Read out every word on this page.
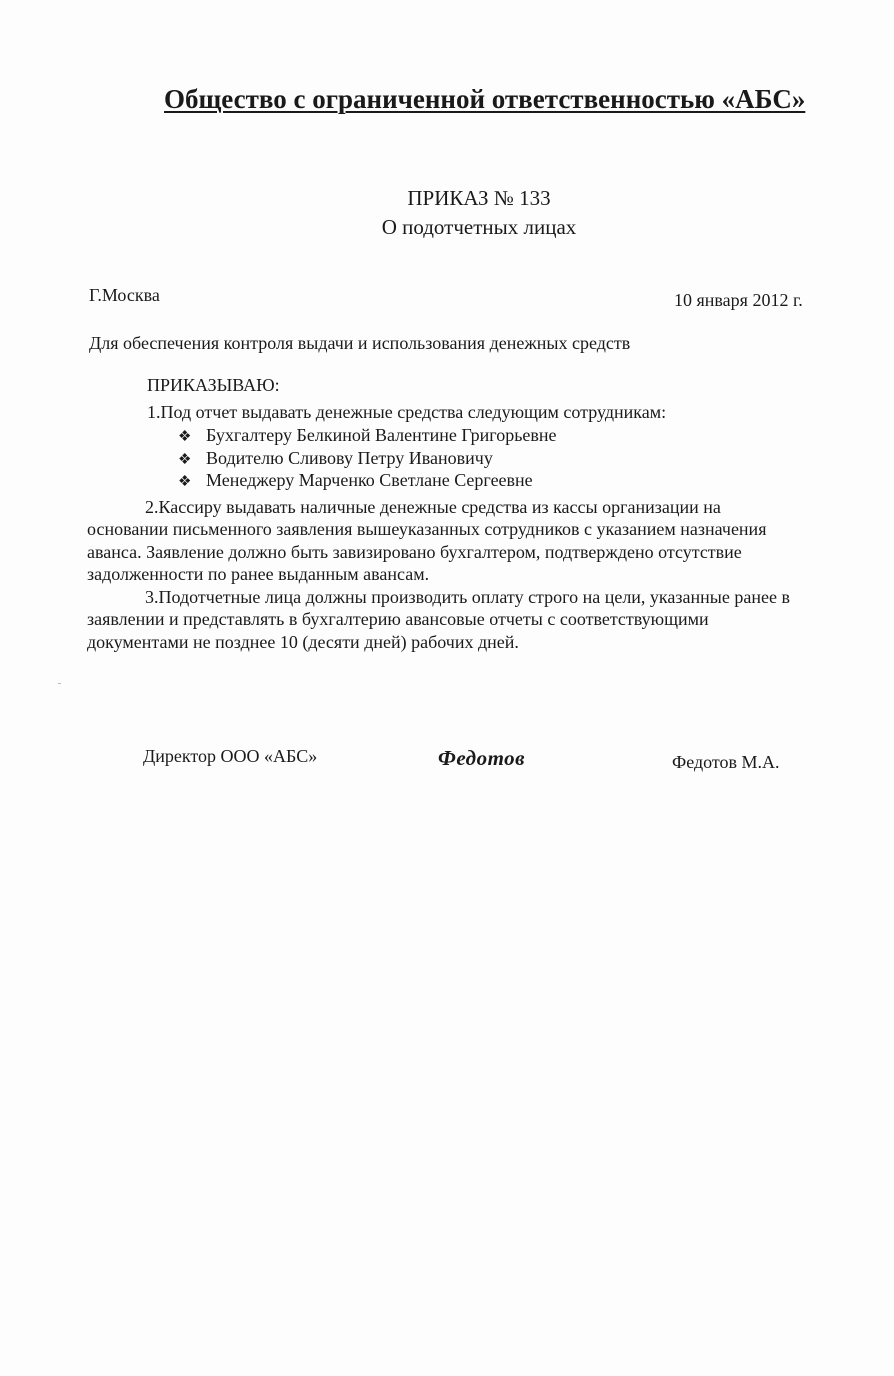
Общество с ограниченной ответственностью «АБС»
ПРИКАЗ № 133
О подотчетных лицах
Г.Москва	10 января 2012 г.
Для обеспечения контроля выдачи и использования денежных средств
ПРИКАЗЫВАЮ:
1.Под отчет выдавать денежные средства следующим сотрудникам:
❖ Бухгалтеру Белкиной Валентине Григорьевне
❖ Водителю Сливову Петру Ивановичу
❖ Менеджеру Марченко Светлане Сергеевне
2.Кассиру выдавать наличные денежные средства из кассы организации на
основании письменного заявления вышеуказанных сотрудников с указанием назначения
аванса. Заявление должно быть завизировано бухгалтером, подтверждено отсутствие
задолженности по ранее выданным авансам.
3.Подотчетные лица должны производить оплату строго на цели, указанные ранее в
заявлении и представлять в бухгалтерию авансовые отчеты с соответствующими
документами не позднее 10 (десяти дней) рабочих дней.
Директор ООО «АБС»	Федотов	Федотов М.А.
